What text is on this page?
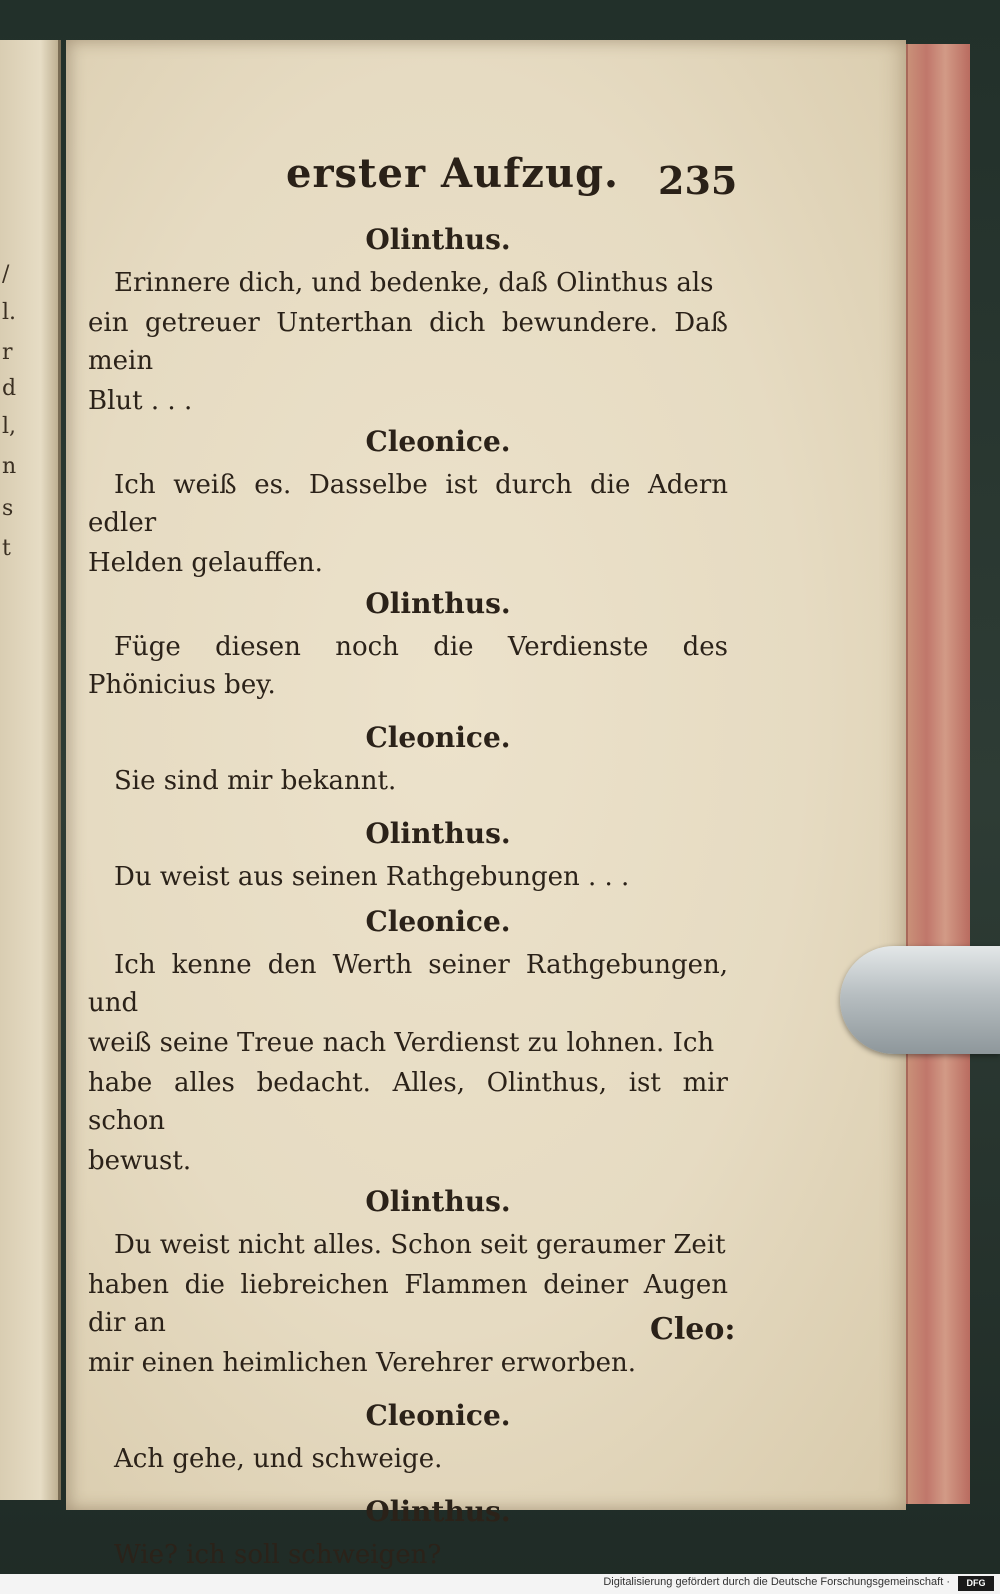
/
l.
r
d
l,
n
s
t
erster Aufzug. 235

Olinthus.

Erinnere dich, und bedenke, daß Olinthus als

ein getreuer Unterthan dich bewundere. Daß mein

Blut . . .

Cleonice.

Ich weiß es. Dasselbe ist durch die Adern edler

Helden gelauffen.

Olinthus.

Füge diesen noch die Verdienste des Phönicius bey.

Cleonice.

Sie sind mir bekannt.

Olinthus.

Du weist aus seinen Rathgebungen . . .

Cleonice.

Ich kenne den Werth seiner Rathgebungen, und

weiß seine Treue nach Verdienst zu lohnen. Ich

habe alles bedacht. Alles, Olinthus, ist mir schon

bewust.

Olinthus.

Du weist nicht alles. Schon seit geraumer Zeit

haben die liebreichen Flammen deiner Augen dir an

mir einen heimlichen Verehrer erworben.

Cleonice.

Ach gehe, und schweige.

Olinthus.

Wie? ich soll schweigen?

Cleo:
Digitalisierung gefördert durch die Deutsche Forschungsgemeinschaft ·	DFG
